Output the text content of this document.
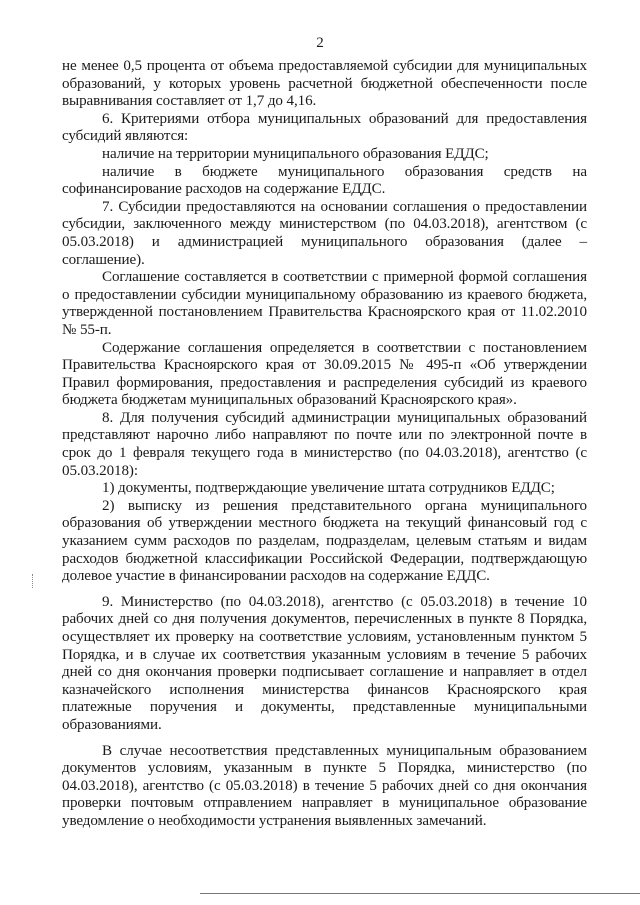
2

не менее 0,5 процента от объема предоставляемой субсидии для муниципальных образований, у которых уровень расчетной бюджетной обеспеченности после выравнивания составляет от 1,7 до 4,16.

6. Критериями отбора муниципальных образований для предоставления субсидий являются:

наличие на территории муниципального образования ЕДДС;

наличие в бюджете муниципального образования средств на софинансирование расходов на содержание ЕДДС.

7. Субсидии предоставляются на основании соглашения о предоставлении субсидии, заключенного между министерством (по 04.03.2018), агентством (с 05.03.2018) и администрацией муниципального образования (далее – соглашение).

Соглашение составляется в соответствии с примерной формой соглашения о предоставлении субсидии муниципальному образованию из краевого бюджета, утвержденной постановлением Правительства Красноярского края от 11.02.2010 № 55-п.

Содержание соглашения определяется в соответствии с постановлением Правительства Красноярского края от 30.09.2015 № 495-п «Об утверждении Правил формирования, предоставления и распределения субсидий из краевого бюджета бюджетам муниципальных образований Красноярского края».

8. Для получения субсидий администрации муниципальных образований представляют нарочно либо направляют по почте или по электронной почте в срок до 1 февраля текущего года в министерство (по 04.03.2018), агентство (с 05.03.2018):

1) документы, подтверждающие увеличение штата сотрудников ЕДДС;

2) выписку из решения представительного органа муниципального образования об утверждении местного бюджета на текущий финансовый год с указанием сумм расходов по разделам, подразделам, целевым статьям и видам расходов бюджетной классификации Российской Федерации, подтверждающую долевое участие в финансировании расходов на содержание ЕДДС.

9. Министерство (по 04.03.2018), агентство (с 05.03.2018) в течение 10 рабочих дней со дня получения документов, перечисленных в пункте 8 Порядка, осуществляет их проверку на соответствие условиям, установленным пунктом 5 Порядка, и в случае их соответствия указанным условиям в течение 5 рабочих дней со дня окончания проверки подписывает соглашение и направляет в отдел казначейского исполнения министерства финансов Красноярского края платежные поручения и документы, представленные муниципальными образованиями.

В случае несоответствия представленных муниципальным образованием документов условиям, указанным в пункте 5 Порядка, министерство (по 04.03.2018), агентство (с 05.03.2018) в течение 5 рабочих дней со дня окончания проверки почтовым отправлением направляет в муниципальное образование уведомление о необходимости устранения выявленных замечаний.
